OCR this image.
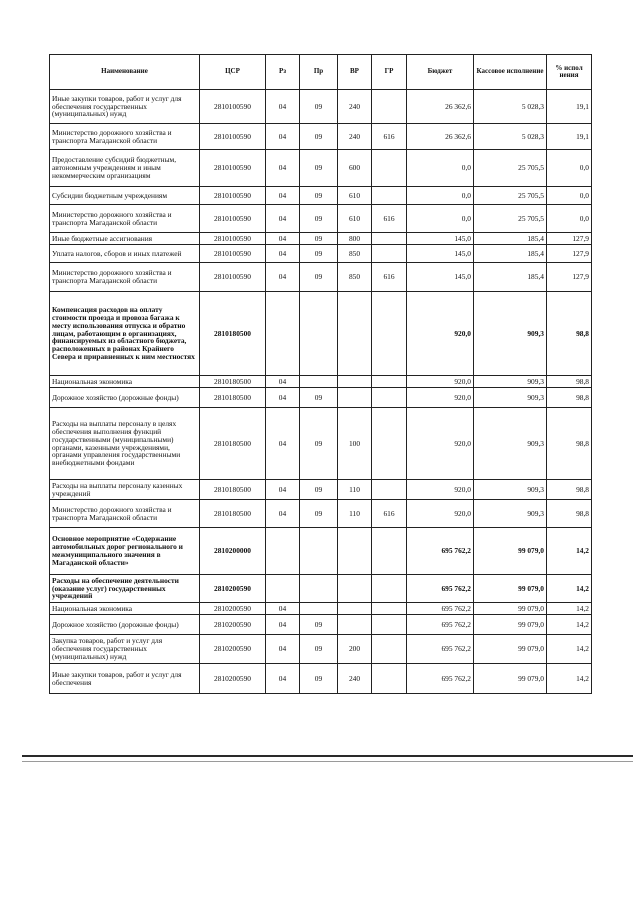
Наименование	ЦСР	Рз	Пр	ВР	ГР	Бюджет	Кассовое исполнение	% испол нения
Иные закупки товаров, работ и услуг для обеспечения государственных (муниципальных) нужд	2810100590	04	09	240		26 362,6	5 028,3	19,1
Министерство дорожного хозяйства и транспорта Магаданской области	2810100590	04	09	240	616	26 362,6	5 028,3	19,1
Предоставление субсидий бюджетным, автономным учреждениям и иным некоммерческим организациям	2810100590	04	09	600		0,0	25 705,5	0,0
Субсидии бюджетным учреждениям	2810100590	04	09	610		0,0	25 705,5	0,0
Министерство дорожного хозяйства и транспорта Магаданской области	2810100590	04	09	610	616	0,0	25 705,5	0,0
Иные бюджетные ассигнования	2810100590	04	09	800		145,0	185,4	127,9
Уплата налогов, сборов и иных платежей	2810100590	04	09	850		145,0	185,4	127,9
Министерство дорожного хозяйства и транспорта Магаданской области	2810100590	04	09	850	616	145,0	185,4	127,9
Компенсация расходов на оплату стоимости проезда и провоза багажа к месту использования отпуска и обратно лицам, работающим в организациях, финансируемых из областного бюджета, расположенных в районах Крайнего Севера и приравненных к ним местностях	2810180500					920,0	909,3	98,8
Национальная экономика	2810180500	04				920,0	909,3	98,8
Дорожное хозяйство (дорожные фонды)	2810180500	04	09			920,0	909,3	98,8
Расходы на выплаты персоналу в целях обеспечения выполнения функций государственными (муниципальными) органами, казенными учреждениями, органами управления государственными внебюджетными фондами	2810180500	04	09	100		920,0	909,3	98,8
Расходы на выплаты персоналу казенных учреждений	2810180500	04	09	110		920,0	909,3	98,8
Министерство дорожного хозяйства и транспорта Магаданской области	2810180500	04	09	110	616	920,0	909,3	98,8
Основное мероприятие «Содержание автомобильных дорог регионального и межмуниципального значения в Магаданской области»	2810200000					695 762,2	99 079,0	14,2
Расходы на обеспечение деятельности (оказание услуг) государственных учреждений	2810200590					695 762,2	99 079,0	14,2
Национальная экономика	2810200590	04				695 762,2	99 079,0	14,2
Дорожное хозяйство (дорожные фонды)	2810200590	04	09			695 762,2	99 079,0	14,2
Закупка товаров, работ и услуг для обеспечения государственных (муниципальных) нужд	2810200590	04	09	200		695 762,2	99 079,0	14,2
Иные закупки товаров, работ и услуг для обеспечения	2810200590	04	09	240		695 762,2	99 079,0	14,2
